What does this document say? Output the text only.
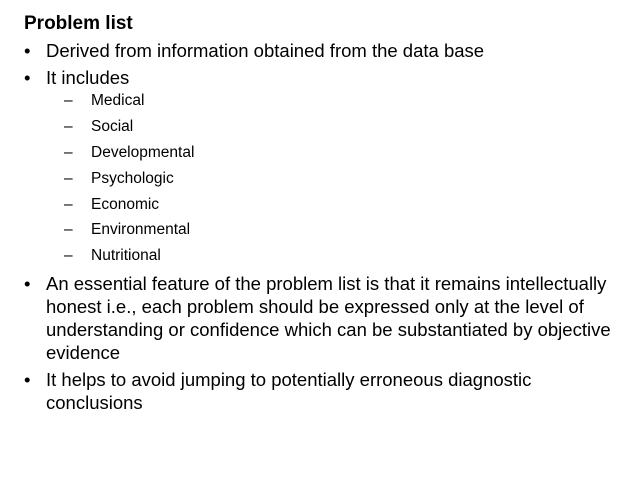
Problem list
• Derived from information obtained from the data base
• It includes
– Medical
– Social
– Developmental
– Psychologic
– Economic
– Environmental
– Nutritional
• An essential feature of the problem list is that it remains intellectually honest i.e., each problem should be expressed only at the level of understanding or confidence which can be substantiated by objective evidence
• It helps to avoid jumping to potentially erroneous diagnostic conclusions
